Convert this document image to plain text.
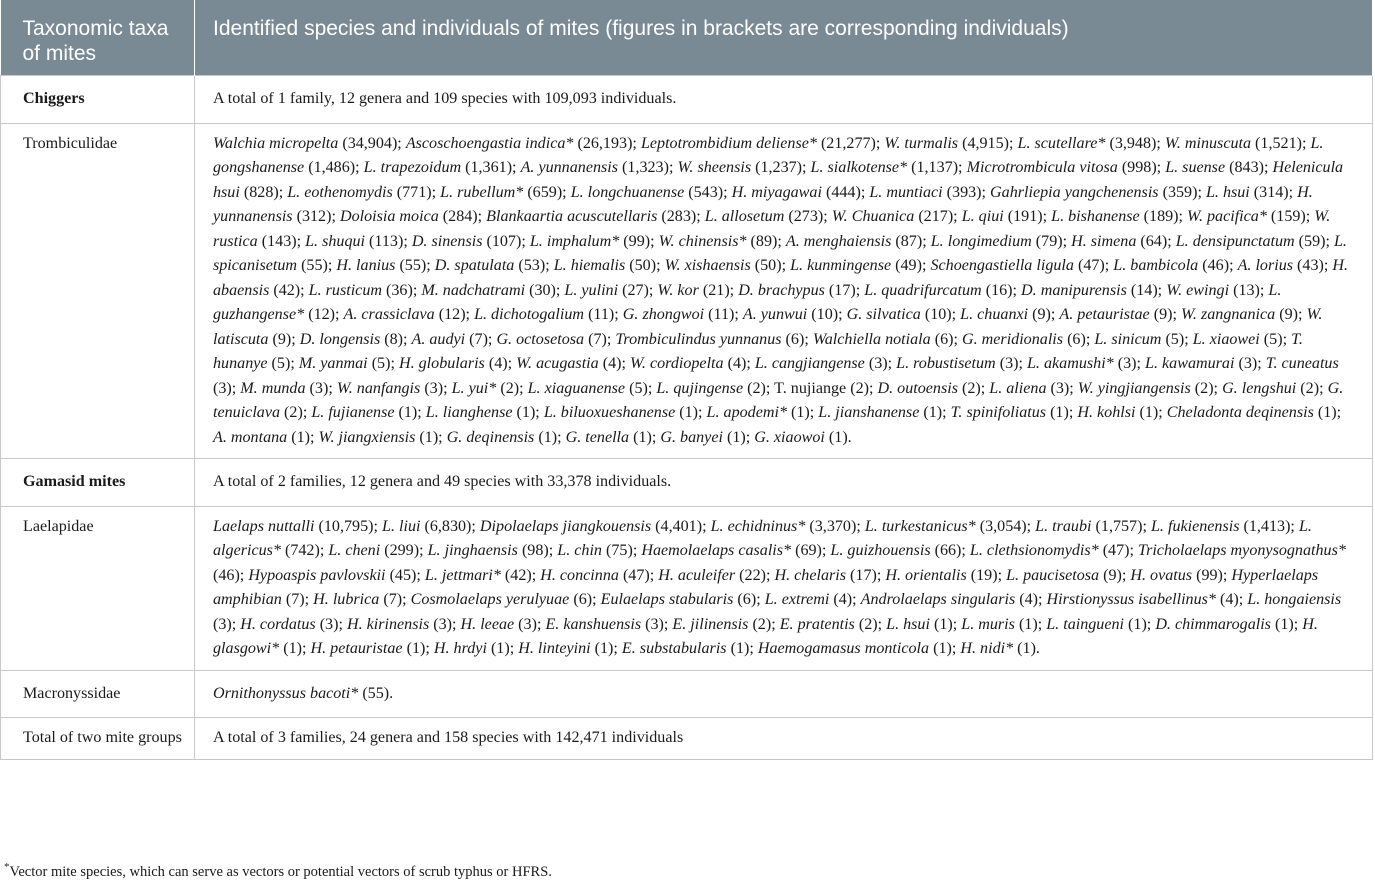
Taxonomic taxa of mites	Identified species and individuals of mites (figures in brackets are corresponding individuals)
Chiggers	A total of 1 family, 12 genera and 109 species with 109,093 individuals.
Trombiculidae	Walchia micropelta (34,904); Ascoschoengastia indica* (26,193); Leptotrombidium deliense* (21,277); W. turmalis (4,915); L. scutellare* (3,948); W. minuscuta (1,521); L. gongshanense (1,486); L. trapezoidum (1,361); A. yunnanensis (1,323); W. sheensis (1,237); L. sialkotense* (1,137); Microtrombicula vitosa (998); L. suense (843); Helenicula hsui (828); L. eothenomydis (771); L. rubellum* (659); L. longchuanense (543); H. miyagawai (444); L. muntiaci (393); Gahrliepia yangchenensis (359); L. hsui (314); H. yunnanensis (312); Doloisia moica (284); Blankaartia acuscutellaris (283); L. allosetum (273); W. Chuanica (217); L. qiui (191); L. bishanense (189); W. pacifica* (159); W. rustica (143); L. shuqui (113); D. sinensis (107); L. imphalum* (99); W. chinensis* (89); A. menghaiensis (87); L. longimedium (79); H. simena (64); L. densipunctatum (59); L. spicanisetum (55); H. lanius (55); D. spatulata (53); L. hiemalis (50); W. xishaensis (50); L. kunmingense (49); Schoengastiella ligula (47); L. bambicola (46); A. lorius (43); H. abaensis (42); L. rusticum (36); M. nadchatrami (30); L. yulini (27); W. kor (21); D. brachypus (17); L. quadrifurcatum (16); D. manipurensis (14); W. ewingi (13); L. guzhangense* (12); A. crassiclava (12); L. dichotogalium (11); G. zhongwoi (11); A. yunwui (10); G. silvatica (10); L. chuanxi (9); A. petauristae (9); W. zangnanica (9); W. latiscuta (9); D. longensis (8); A. audyi (7); G. octosetosa (7); Trombiculindus yunnanus (6); Walchiella notiala (6); G. meridionalis (6); L. sinicum (5); L. xiaowei (5); T. hunanye (5); M. yanmai (5); H. globularis (4); W. acugastia (4); W. cordiopelta (4); L. cangjiangense (3); L. robustisetum (3); L. akamushi* (3); L. kawamurai (3); T. cuneatus (3); M. munda (3); W. nanfangis (3); L. yui* (2); L. xiaguanense (5); L. qujingense (2); T. nujiange (2); D. outoensis (2); L. aliena (3); W. yingjiangensis (2); G. lengshui (2); G. tenuiclava (2); L. fujianense (1); L. lianghense (1); L. biluoxueshanense (1); L. apodemi* (1); L. jianshanense (1); T. spinifoliatus (1); H. kohlsi (1); Cheladonta deqinensis (1); A. montana (1); W. jiangxiensis (1); G. deqinensis (1); G. tenella (1); G. banyei (1); G. xiaowoi (1).
Gamasid mites	A total of 2 families, 12 genera and 49 species with 33,378 individuals.
Laelapidae	Laelaps nuttalli (10,795); L. liui (6,830); Dipolaelaps jiangkouensis (4,401); L. echidninus* (3,370); L. turkestanicus* (3,054); L. traubi (1,757); L. fukienensis (1,413); L. algericus* (742); L. cheni (299); L. jinghaensis (98); L. chin (75); Haemolaelaps casalis* (69); L. guizhouensis (66); L. clethsionomydis* (47); Tricholaelaps myonysognathus* (46); Hypoaspis pavlovskii (45); L. jettmari* (42); H. concinna (47); H. aculeifer (22); H. chelaris (17); H. orientalis (19); L. paucisetosa (9); H. ovatus (99); Hyperlaelaps amphibian (7); H. lubrica (7); Cosmolaelaps yerulyuae (6); Eulaelaps stabularis (6); L. extremi (4); Androlaelaps singularis (4); Hirstionyssus isabellinus* (4); L. hongaiensis (3); H. cordatus (3); H. kirinensis (3); H. leeae (3); E. kanshuensis (3); E. jilinensis (2); E. pratentis (2); L. hsui (1); L. muris (1); L. taingueni (1); D. chimmarogalis (1); H. glasgowi* (1); H. petauristae (1); H. hrdyi (1); H. linteyini (1); E. substabularis (1); Haemogamasus monticola (1); H. nidi* (1).
Macronyssidae	Ornithonyssus bacoti* (55).
Total of two mite groups	A total of 3 families, 24 genera and 158 species with 142,471 individuals
*Vector mite species, which can serve as vectors or potential vectors of scrub typhus or HFRS.
